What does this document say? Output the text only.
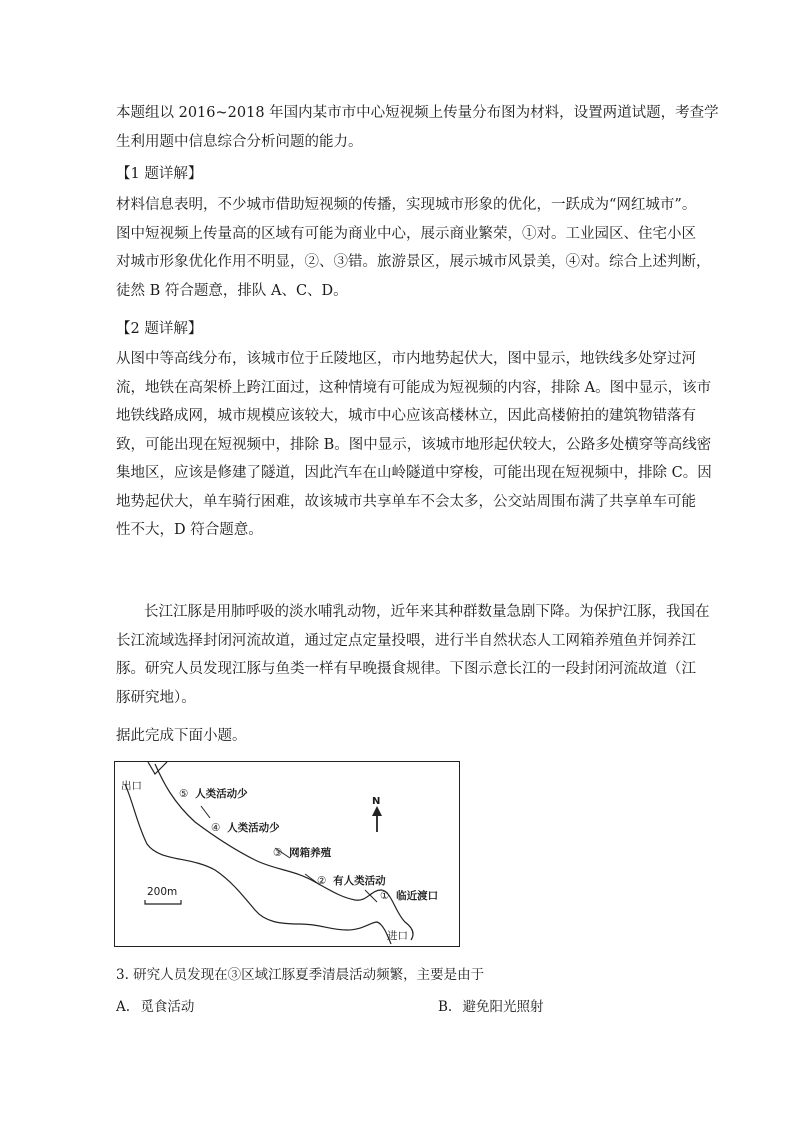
本题组以 2016~2018 年国内某市市中心短视频上传量分布图为材料，设置两道试题，考查学
生利用题中信息综合分析问题的能力。
【1 题详解】
材料信息表明，不少城市借助短视频的传播，实现城市形象的优化，一跃成为“网红城市”。
图中短视频上传量高的区域有可能为商业中心，展示商业繁荣，①对。工业园区、住宅小区
对城市形象优化作用不明显，②、③错。旅游景区，展示城市风景美，④对。综合上述判断，
徒然 B 符合题意，排队 A、C、D。
【2 题详解】
从图中等高线分布，该城市位于丘陵地区，市内地势起伏大，图中显示，地铁线多处穿过河
流，地铁在高架桥上跨江面过，这种情境有可能成为短视频的内容，排除 A。图中显示，该市
地铁线路成网，城市规模应该较大，城市中心应该高楼林立，因此高楼俯拍的建筑物错落有
致，可能出现在短视频中，排除 B。图中显示，该城市地形起伏较大，公路多处横穿等高线密
集地区，应该是修建了隧道，因此汽车在山岭隧道中穿梭，可能出现在短视频中，排除 C。因
地势起伏大，单车骑行困难，故该城市共享单车不会太多，公交站周围布满了共享单车可能
性不大，D 符合题意。
长江江豚是用肺呼吸的淡水哺乳动物，近年来其种群数量急剧下降。为保护江豚，我国在
长江流域选择封闭河流故道，通过定点定量投喂，进行半自然状态人工网箱养殖鱼并饲养江
豚。研究人员发现江豚与鱼类一样有早晚摄食规律。下图示意长江的一段封闭河流故道（江
豚研究地）。
据此完成下面小题。
出口
进口
N
200m
⑤ 人类活动少
④ 人类活动少
③ 网箱养殖
② 有人类活动
① 临近渡口
3. 研究人员发现在③区域江豚夏季清晨活动频繁，主要是由于
A. 觅食活动	B. 避免阳光照射
